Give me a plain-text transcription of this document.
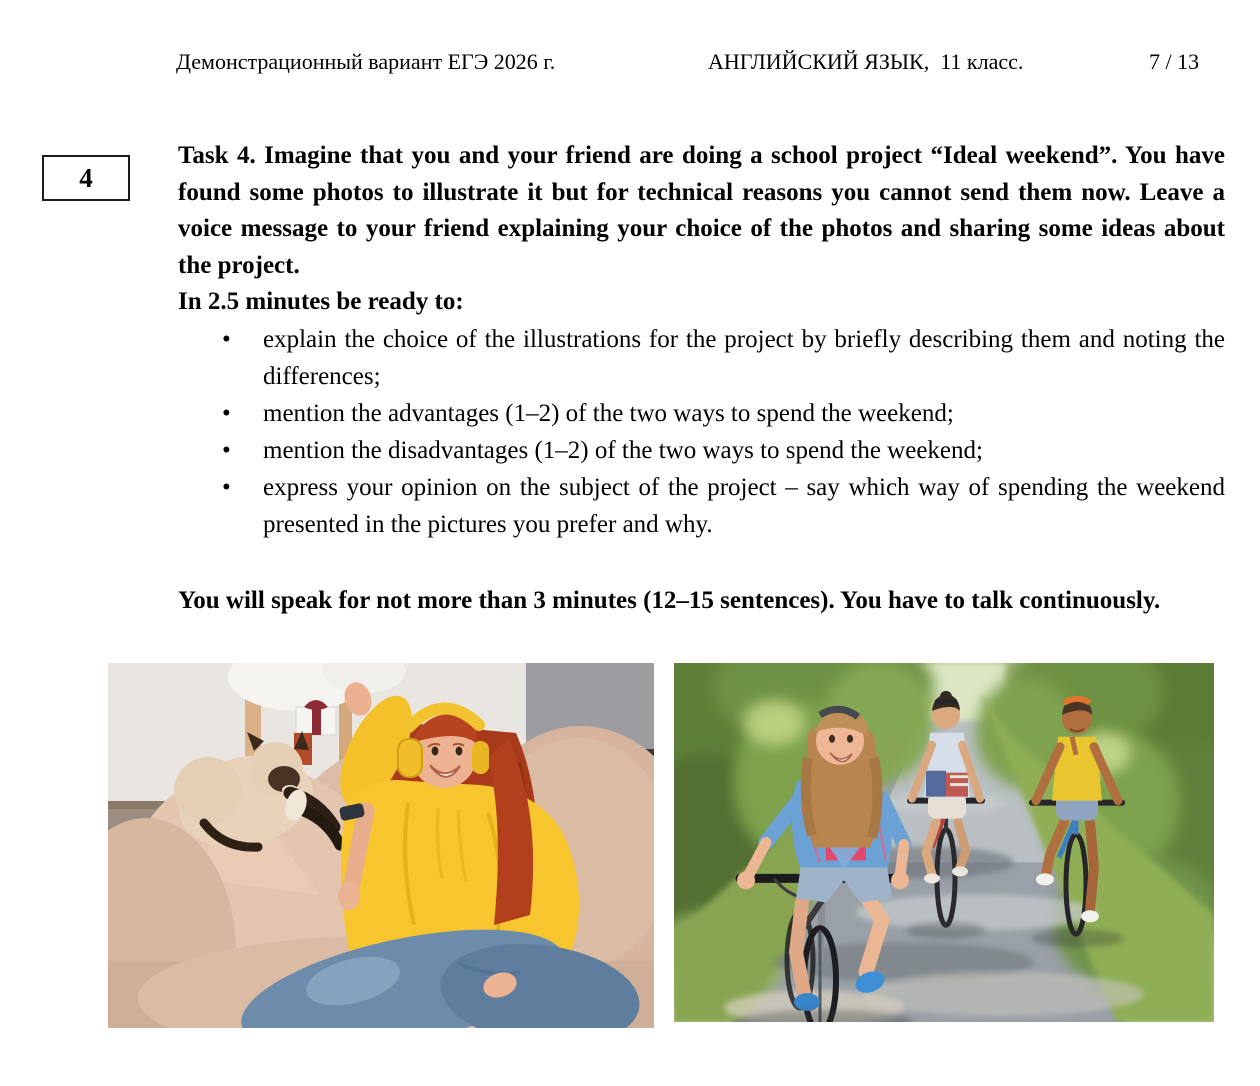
Демонстрационный вариант ЕГЭ 2026 г.	АНГЛИЙСКИЙ ЯЗЫК,  11 класс.	7 / 13
4

Task 4. Imagine that you and your friend are doing a school project “Ideal weekend”. You have found some photos to illustrate it but for technical reasons you cannot send them now. Leave a voice message to your friend explaining your choice of the photos and sharing some ideas about the project.

In 2.5 minutes be ready to:

•	explain the choice of the illustrations for the project by briefly describing them and noting the differences;
•	mention the advantages (1–2) of the two ways to spend the weekend;
•	mention the disadvantages (1–2) of the two ways to spend the weekend;
•	express your opinion on the subject of the project – say which way of spending the weekend presented in the pictures you prefer and why.

You will speak for not more than 3 minutes (12–15 sentences). You have to talk continuously.
